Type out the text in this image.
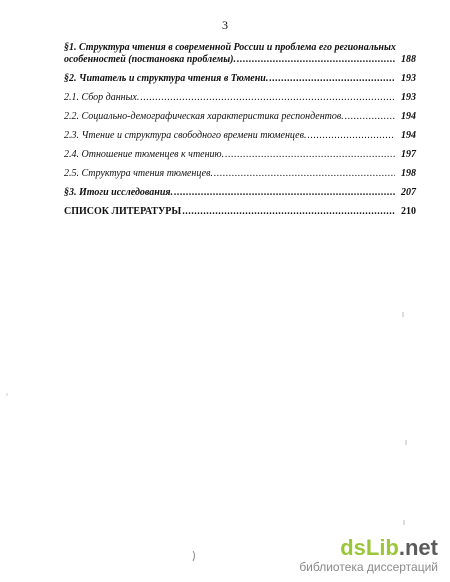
3
§1. Структура чтения в современной России и проблема его региональных
особенностей (постановка проблемы). .....	188
§2. Читатель и структура чтения в Тюмени. .....	193
2.1. Сбор данных. .....	193
2.2. Социально-демографическая характеристика респондентов. .....	194
2.3. Чтение и структура свободного времени тюменцев. .....	194
2.4. Отношение тюменцев к чтению. .....	197
2.5. Структура чтения тюменцев. .....	198
§3. Итоги исследования. .....	207
СПИСОК ЛИТЕРАТУРЫ .....	210
dsLib.net
библиотека диссертаций
